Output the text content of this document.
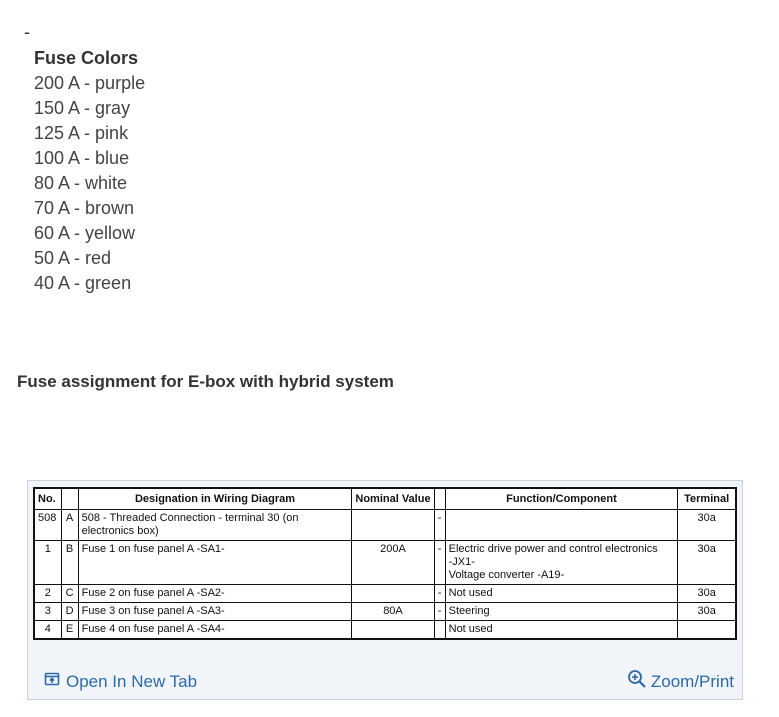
-
Fuse Colors
200 A - purple
150 A - gray
125 A - pink
100 A - blue
80 A - white
70 A - brown
60 A - yellow
50 A - red
40 A - green
Fuse assignment for E-box with hybrid system
No.		Designation in Wiring Diagram	Nominal Value		Function/Component	Terminal
508	A	508 - Threaded Connection - terminal 30 (on electronics box)		-		30a
1	B	Fuse 1 on fuse panel A -SA1-	200A	-	Electric drive power and control electronics
-JX1-
Voltage converter -A19-	30a
2	C	Fuse 2 on fuse panel A -SA2-		-	Not used	30a
3	D	Fuse 3 on fuse panel A -SA3-	80A	-	Steering	30a
4	E	Fuse 4 on fuse panel A -SA4-			Not used	

Open In New Tab	Zoom/Print
